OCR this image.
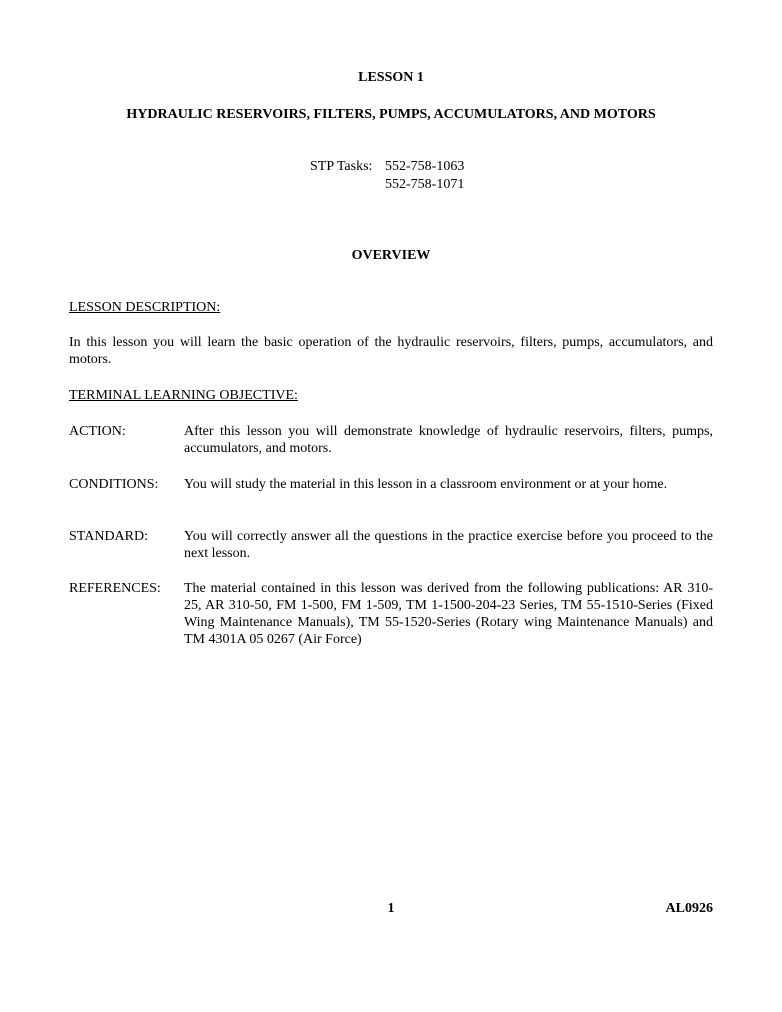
LESSON 1
HYDRAULIC RESERVOIRS, FILTERS, PUMPS, ACCUMULATORS, AND MOTORS
STP Tasks: 552-758-1063
552-758-1071
OVERVIEW
LESSON DESCRIPTION:
In this lesson you will learn the basic operation of the hydraulic reservoirs, filters, pumps, accumulators, and motors.
TERMINAL LEARNING OBJECTIVE:
ACTION:	After this lesson you will demonstrate knowledge of hydraulic reservoirs, filters, pumps, accumulators, and motors.
CONDITIONS:	You will study the material in this lesson in a classroom environment or at your home.
STANDARD:	You will correctly answer all the questions in the practice exercise before you proceed to the next lesson.
REFERENCES:	The material contained in this lesson was derived from the following publications: AR 310-25, AR 310-50, FM 1-500, FM 1-509, TM 1-1500-204-23 Series, TM 55-1510-Series (Fixed Wing Maintenance Manuals), TM 55-1520-Series (Rotary wing Maintenance Manuals) and TM 4301A 05 0267 (Air Force)
1	AL0926
